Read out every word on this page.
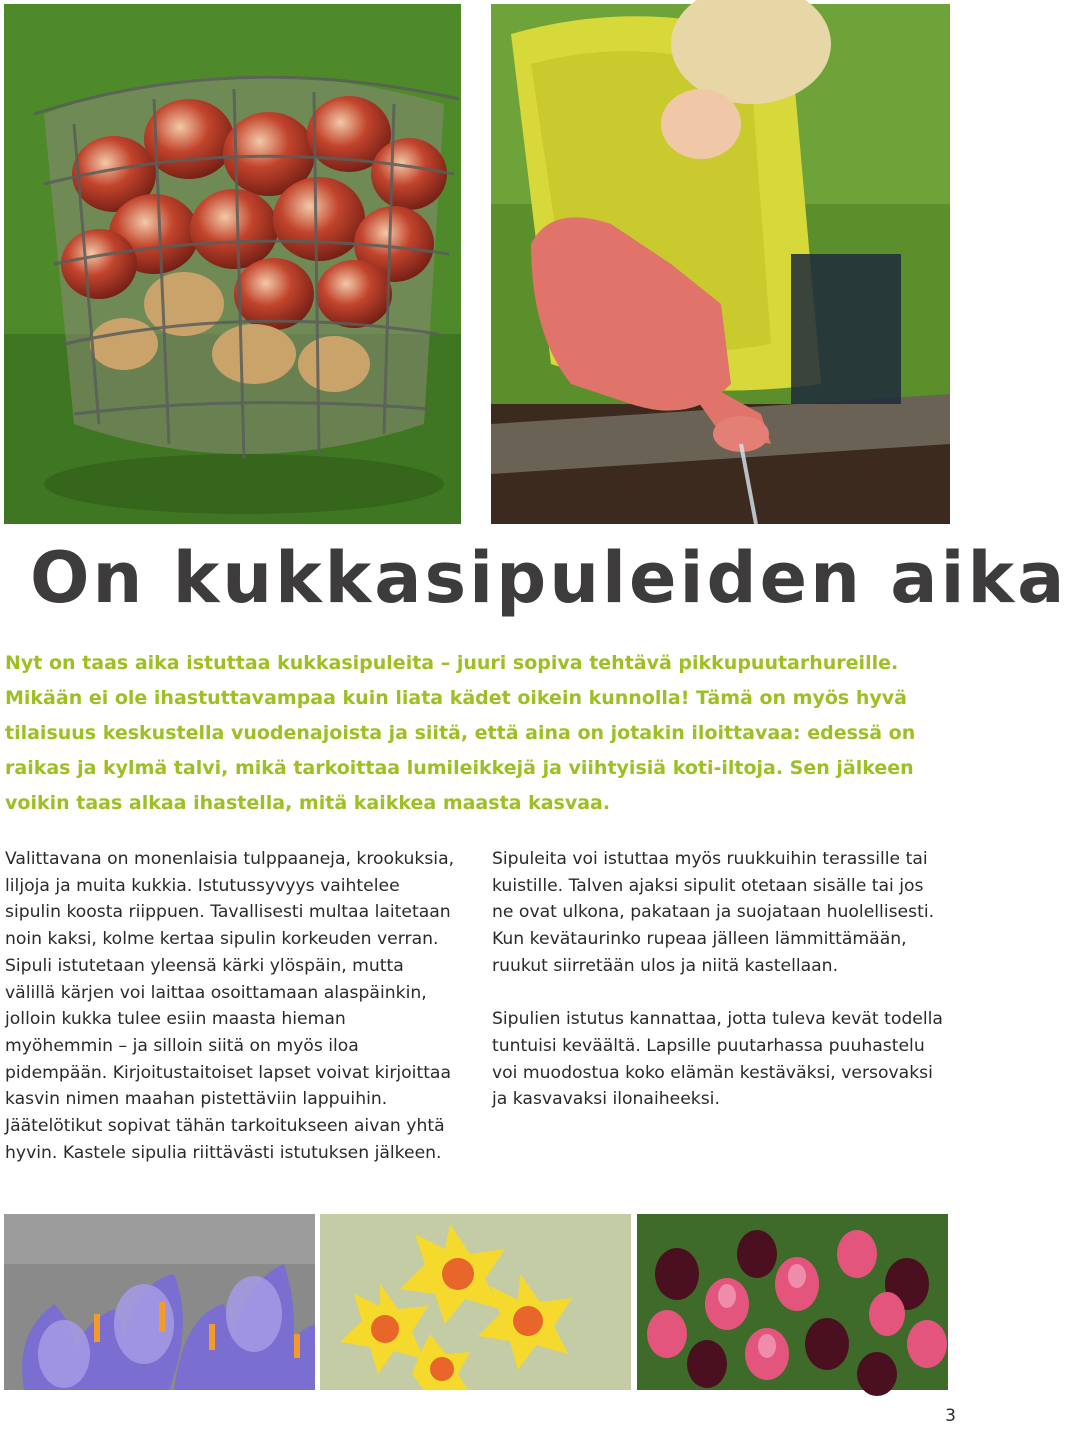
On kukkasipuleiden aika

Nyt on taas aika istuttaa kukkasipuleita – juuri sopiva tehtävä pikkupuutarhureille. Mikään ei ole ihastuttavampaa kuin liata kädet oikein kunnolla! Tämä on myös hyvä tilaisuus keskustella vuodenajoista ja siitä, että aina on jotakin iloittavaa: edessä on raikas ja kylmä talvi, mikä tarkoittaa lumileikkejä ja viihtyisiä koti-iltoja. Sen jälkeen voikin taas alkaa ihastella, mitä kaikkea maasta kasvaa.

Valittavana on monenlaisia tulppaaneja, krookuksia, liljoja ja muita kukkia. Istutussyvyys vaihtelee sipulin koosta riippuen. Tavallisesti multaa laitetaan noin kaksi, kolme kertaa sipulin korkeuden verran. Sipuli istutetaan yleensä kärki ylöspäin, mutta välillä kärjen voi laittaa osoittamaan alaspäinkin, jolloin kukka tulee esiin maasta hieman myöhemmin – ja silloin siitä on myös iloa pidempään. Kirjoitustaitoiset lapset voivat kirjoittaa kasvin nimen maahan pistettäviin lappuihin. Jäätelötikut sopivat tähän tarkoitukseen aivan yhtä hyvin. Kastele sipulia riittävästi istutuksen jälkeen.

Sipuleita voi istuttaa myös ruukkuihin terassille tai kuistille. Talven ajaksi sipulit otetaan sisälle tai jos ne ovat ulkona, pakataan ja suojataan huolellisesti. Kun kevätaurinko rupeaa jälleen lämmittämään, ruukut siirretään ulos ja niitä kastellaan.

Sipulien istutus kannattaa, jotta tuleva kevät todella tuntuisi keväältä. Lapsille puutarhassa puuhastelu voi muodostua koko elämän kestäväksi, versovaksi ja kasvavaksi ilonaiheeksi.

3
